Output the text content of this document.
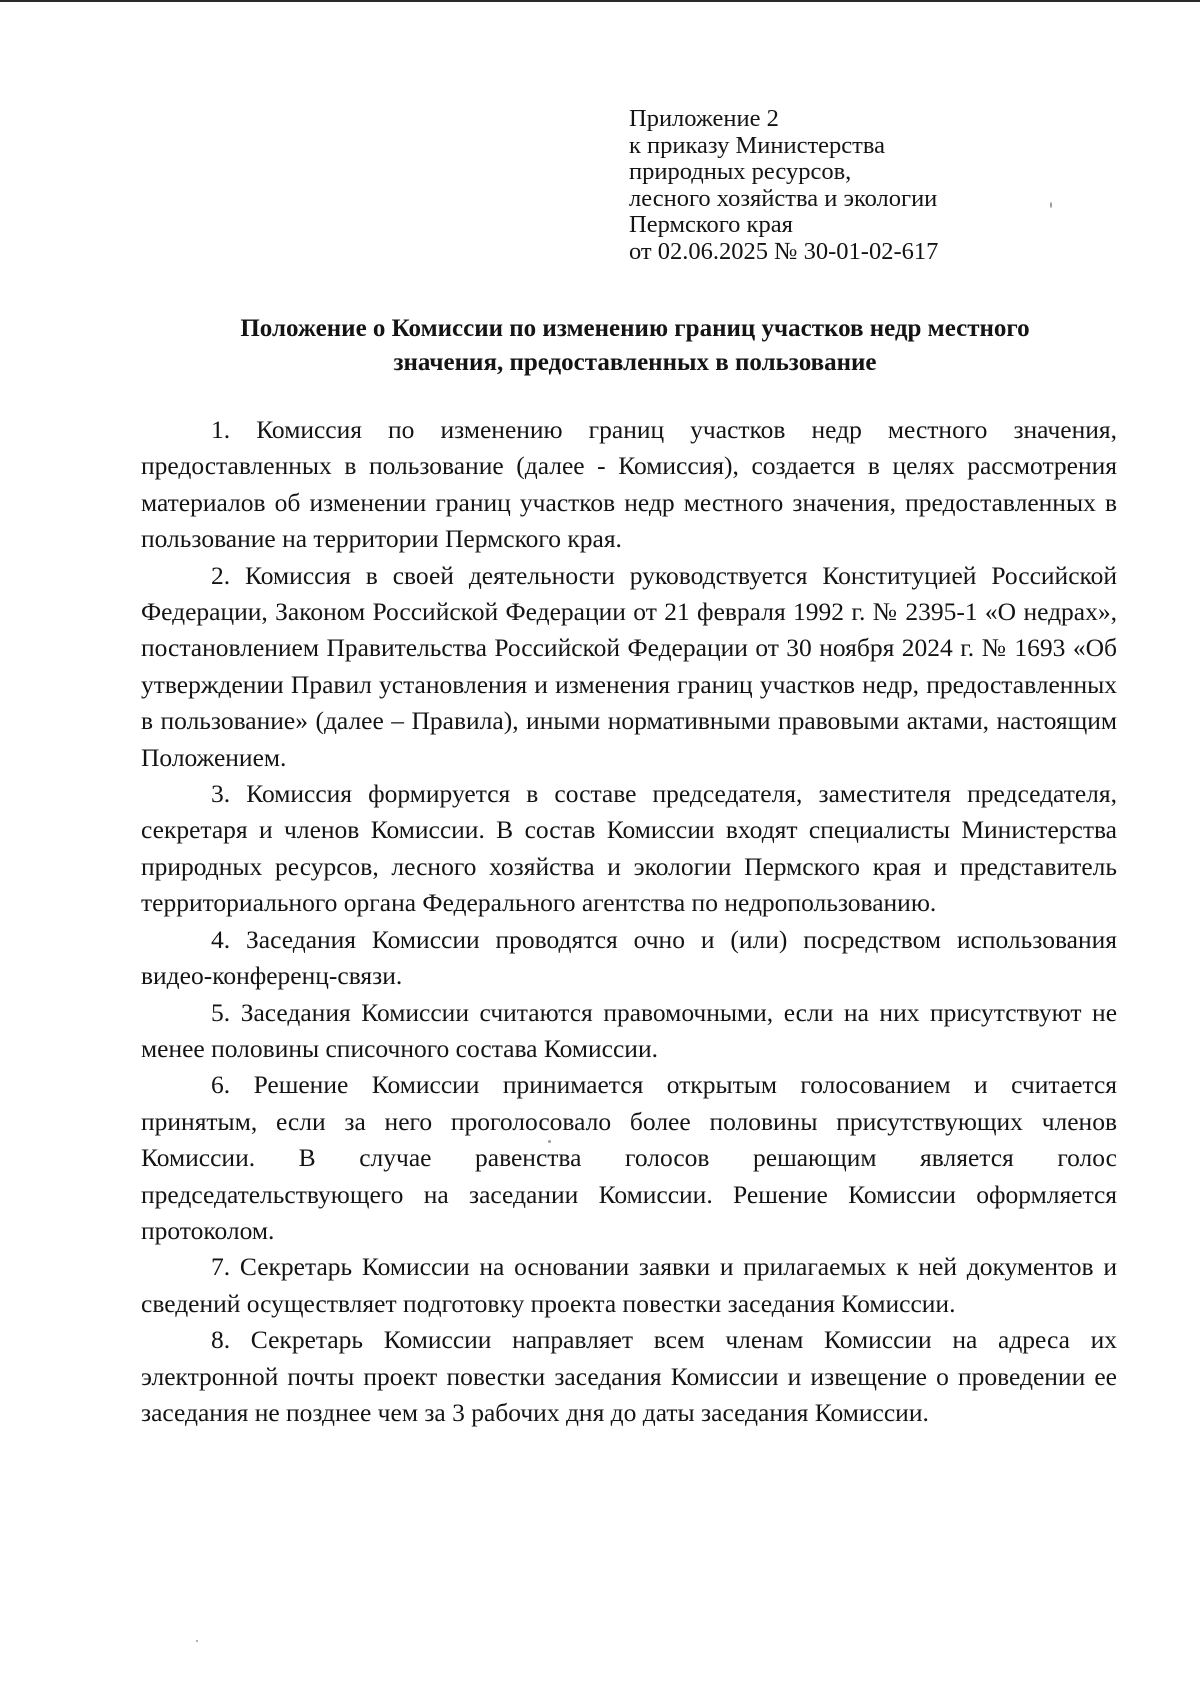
Приложение 2
к приказу Министерства
природных ресурсов,
лесного хозяйства и экологии
Пермского края
от 02.06.2025 № 30-01-02-617
Положение о Комиссии по изменению границ участков недр местного
значения, предоставленных в пользование

1. Комиссия по изменению границ участков недр местного значения, предоставленных в пользование (далее - Комиссия), создается в целях рассмотрения материалов об изменении границ участков недр местного значения, предоставленных в пользование на территории Пермского края.

2. Комиссия в своей деятельности руководствуется Конституцией Российской Федерации, Законом Российской Федерации от 21 февраля 1992 г. № 2395-1 «О недрах», постановлением Правительства Российской Федерации от 30 ноября 2024 г. № 1693 «Об утверждении Правил установления и изменения границ участков недр, предоставленных в пользование» (далее – Правила), иными нормативными правовыми актами, настоящим Положением.

3. Комиссия формируется в составе председателя, заместителя председателя, секретаря и членов Комиссии. В состав Комиссии входят специалисты Министерства природных ресурсов, лесного хозяйства и экологии Пермского края и представитель территориального органа Федерального агентства по недропользованию.

4. Заседания Комиссии проводятся очно и (или) посредством использования видео-конференц-связи.

5. Заседания Комиссии считаются правомочными, если на них присутствуют не менее половины списочного состава Комиссии.

6. Решение Комиссии принимается открытым голосованием и считается принятым, если за него проголосовало более половины присутствующих членов Комиссии. В случае равенства голосов решающим является голос председательствующего на заседании Комиссии. Решение Комиссии оформляется протоколом.

7. Секретарь Комиссии на основании заявки и прилагаемых к ней документов и сведений осуществляет подготовку проекта повестки заседания Комиссии.

8. Секретарь Комиссии направляет всем членам Комиссии на адреса их электронной почты проект повестки заседания Комиссии и извещение о проведении ее заседания не позднее чем за 3 рабочих дня до даты заседания Комиссии.
